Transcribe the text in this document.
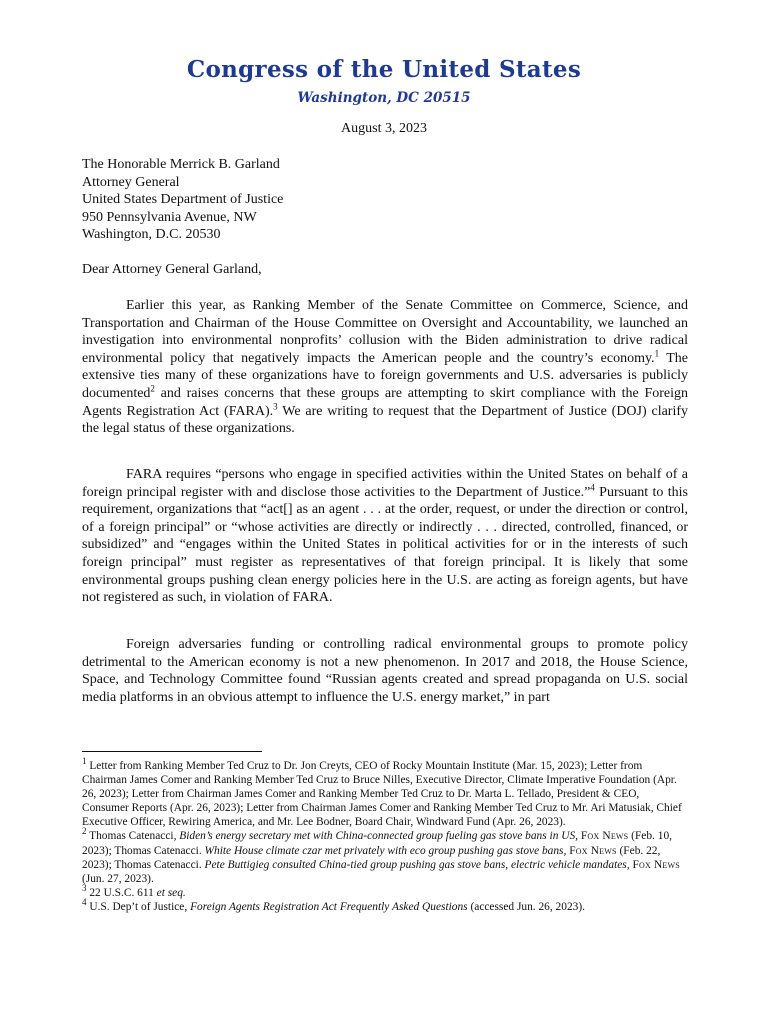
Congress of the United States
Washington, DC 20515
August 3, 2023
The Honorable Merrick B. Garland
Attorney General
United States Department of Justice
950 Pennsylvania Avenue, NW
Washington, D.C. 20530
Dear Attorney General Garland,

Earlier this year, as Ranking Member of the Senate Committee on Commerce, Science, and Transportation and Chairman of the House Committee on Oversight and Accountability, we launched an investigation into environmental nonprofits’ collusion with the Biden administration to drive radical environmental policy that negatively impacts the American people and the country’s economy.$^1$ The extensive ties many of these organizations have to foreign governments and U.S. adversaries is publicly documented$^2$ and raises concerns that these groups are attempting to skirt compliance with the Foreign Agents Registration Act (FARA).$^3$ We are writing to request that the Department of Justice (DOJ) clarify the legal status of these organizations.

FARA requires “persons who engage in specified activities within the United States on behalf of a foreign principal register with and disclose those activities to the Department of Justice.”$^4$ Pursuant to this requirement, organizations that “act[] as an agent . . . at the order, request, or under the direction or control, of a foreign principal” or “whose activities are directly or indirectly . . . directed, controlled, financed, or subsidized” and “engages within the United States in political activities for or in the interests of such foreign principal” must register as representatives of that foreign principal. It is likely that some environmental groups pushing clean energy policies here in the U.S. are acting as foreign agents, but have not registered as such, in violation of FARA.

Foreign adversaries funding or controlling radical environmental groups to promote policy detrimental to the American economy is not a new phenomenon. In 2017 and 2018, the House Science, Space, and Technology Committee found “Russian agents created and spread propaganda on U.S. social media platforms in an obvious attempt to influence the U.S. energy market,” in part

$^1$ Letter from Ranking Member Ted Cruz to Dr. Jon Creyts, CEO of Rocky Mountain Institute (Mar. 15, 2023); Letter from Chairman James Comer and Ranking Member Ted Cruz to Bruce Nilles, Executive Director, Climate Imperative Foundation (Apr. 26, 2023); Letter from Chairman James Comer and Ranking Member Ted Cruz to Dr. Marta L. Tellado, President & CEO, Consumer Reports (Apr. 26, 2023); Letter from Chairman James Comer and Ranking Member Ted Cruz to Mr. Ari Matusiak, Chief Executive Officer, Rewiring America, and Mr. Lee Bodner, Board Chair, Windward Fund (Apr. 26, 2023).

$^2$ Thomas Catenacci, Biden’s energy secretary met with China-connected group fueling gas stove bans in US, Fox News (Feb. 10, 2023); Thomas Catenacci. White House climate czar met privately with eco group pushing gas stove bans, Fox News (Feb. 22, 2023); Thomas Catenacci. Pete Buttigieg consulted China-tied group pushing gas stove bans, electric vehicle mandates, Fox News (Jun. 27, 2023).

$^3$ 22 U.S.C. 611 et seq.

$^4$ U.S. Dep’t of Justice, Foreign Agents Registration Act Frequently Asked Questions (accessed Jun. 26, 2023).
